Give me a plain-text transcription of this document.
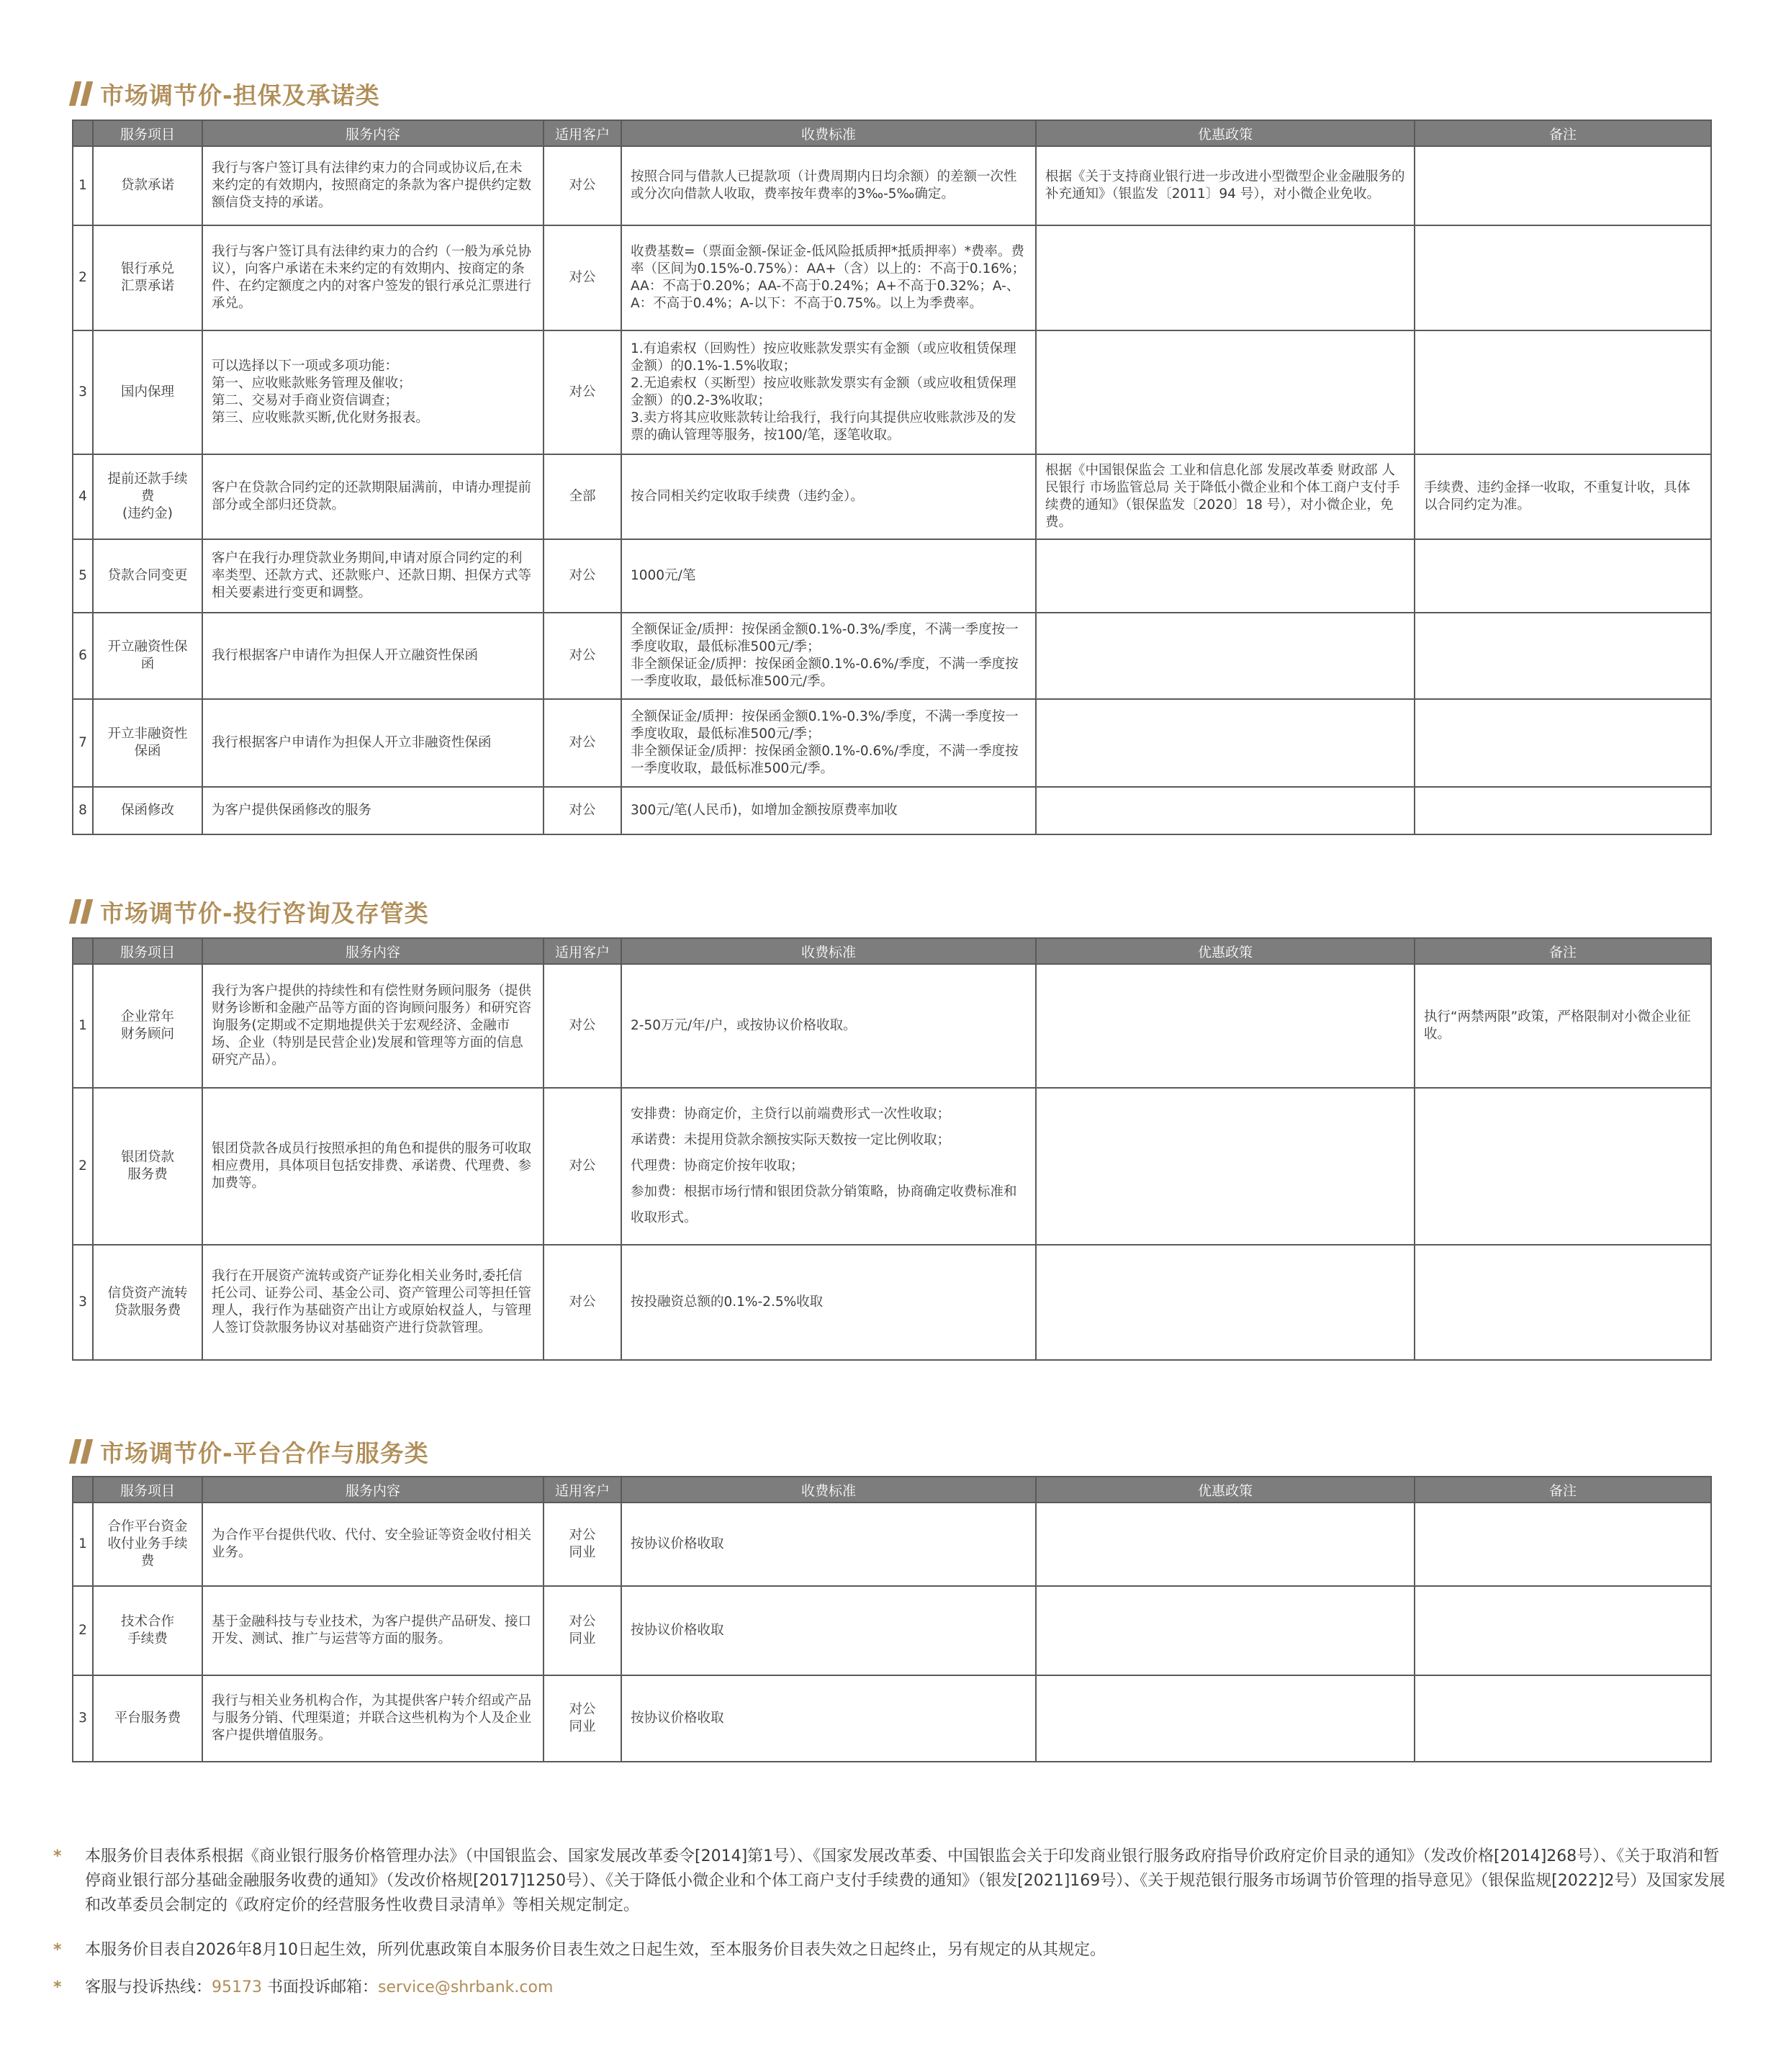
市场调节价-担保及承诺类
	服务项目	服务内容	适用客户	收费标准	优惠政策	备注
1	贷款承诺	我行与客户签订具有法律约束力的合同或协议后,在未来约定的有效期内，按照商定的条款为客户提供约定数额信贷支持的承诺。	对公	按照合同与借款人已提款项（计费周期内日均余额）的差额一次性或分次向借款人收取，费率按年费率的3‰-5‰确定。	根据《关于支持商业银行进一步改进小型微型企业金融服务的补充通知》（银监发〔2011〕94 号），对小微企业免收。	
2	银行承兑
汇票承诺	我行与客户签订具有法律约束力的合约（一般为承兑协议），向客户承诺在未来约定的有效期内、按商定的条件、在约定额度之内的对客户签发的银行承兑汇票进行承兑。	对公	收费基数=（票面金额-保证金-低风险抵质押*抵质押率）*费率。费率（区间为0.15%-0.75%）：AA+（含）以上的：不高于0.16%；AA：不高于0.20%；AA-不高于0.24%；A+不高于0.32%；A-、A：不高于0.4%；A-以下：不高于0.75%。以上为季费率。		
3	国内保理	可以选择以下一项或多项功能：
第一、应收账款账务管理及催收；
第二、交易对手商业资信调查；
第三、应收账款买断,优化财务报表。	对公	1.有追索权（回购性）按应收账款发票实有金额（或应收租赁保理金额）的0.1%-1.5%收取；
2.无追索权（买断型）按应收账款发票实有金额（或应收租赁保理金额）的0.2-3%收取；
3.卖方将其应收账款转让给我行，我行向其提供应收账款涉及的发票的确认管理等服务，按100/笔，逐笔收取。		
4	提前还款手续费
(违约金)	客户在贷款合同约定的还款期限届满前，申请办理提前部分或全部归还贷款。	全部	按合同相关约定收取手续费（违约金）。	根据《中国银保监会 工业和信息化部 发展改革委 财政部 人民银行 市场监管总局 关于降低小微企业和个体工商户支付手续费的通知》（银保监发〔2020〕18 号），对小微企业，免费。	手续费、违约金择一收取，不重复计收，具体以合同约定为准。
5	贷款合同变更	客户在我行办理贷款业务期间,申请对原合同约定的利率类型、还款方式、还款账户、还款日期、担保方式等相关要素进行变更和调整。	对公	1000元/笔		
6	开立融资性保函	我行根据客户申请作为担保人开立融资性保函	对公	全额保证金/质押：按保函金额0.1%-0.3%/季度，不满一季度按一季度收取，最低标准500元/季；
非全额保证金/质押：按保函金额0.1%-0.6%/季度，不满一季度按一季度收取，最低标准500元/季。		
7	开立非融资性
保函	我行根据客户申请作为担保人开立非融资性保函	对公	全额保证金/质押：按保函金额0.1%-0.3%/季度，不满一季度按一季度收取，最低标准500元/季；
非全额保证金/质押：按保函金额0.1%-0.6%/季度，不满一季度按一季度收取，最低标准500元/季。		
8	保函修改	为客户提供保函修改的服务	对公	300元/笔(人民币)，如增加金额按原费率加收		
市场调节价-投行咨询及存管类
	服务项目	服务内容	适用客户	收费标准	优惠政策	备注
1	企业常年
财务顾问	我行为客户提供的持续性和有偿性财务顾问服务（提供财务诊断和金融产品等方面的咨询顾问服务）和研究咨询服务(定期或不定期地提供关于宏观经济、金融市场、企业（特别是民营企业)发展和管理等方面的信息研究产品）。	对公	2-50万元/年/户，或按协议价格收取。		执行“两禁两限”政策，严格限制对小微企业征收。
2	银团贷款
服务费	银团贷款各成员行按照承担的角色和提供的服务可收取相应费用，具体项目包括安排费、承诺费、代理费、参加费等。	对公	安排费：协商定价，主贷行以前端费形式一次性收取；
承诺费：未提用贷款余额按实际天数按一定比例收取；
代理费：协商定价按年收取；
参加费：根据市场行情和银团贷款分销策略，协商确定收费标准和收取形式。		
3	信贷资产流转
贷款服务费	我行在开展资产流转或资产证券化相关业务时,委托信托公司、证券公司、基金公司、资产管理公司等担任管理人，我行作为基础资产出让方或原始权益人，与管理人签订贷款服务协议对基础资产进行贷款管理。	对公	按投融资总额的0.1%-2.5%收取		
市场调节价-平台合作与服务类
	服务项目	服务内容	适用客户	收费标准	优惠政策	备注
1	合作平台资金
收付业务手续费	为合作平台提供代收、代付、安全验证等资金收付相关业务。	对公
同业	按协议价格收取		
2	技术合作
手续费	基于金融科技与专业技术，为客户提供产品研发、接口开发、测试、推广与运营等方面的服务。	对公
同业	按协议价格收取		
3	平台服务费	我行与相关业务机构合作，为其提供客户转介绍或产品与服务分销、代理渠道；并联合这些机构为个人及企业客户提供增值服务。	对公
同业	按协议价格收取		
* 本服务价目表体系根据《商业银行服务价格管理办法》（中国银监会、国家发展改革委令[2014]第1号）、《国家发展改革委、中国银监会关于印发商业银行服务政府指导价政府定价目录的通知》（发改价格[2014]268号）、《关于取消和暂停商业银行部分基础金融服务收费的通知》（发改价格规[2017]1250号）、《关于降低小微企业和个体工商户支付手续费的通知》（银发[2021]169号）、《关于规范银行服务市场调节价管理的指导意见》（银保监规[2022]2号）及国家发展和改革委员会制定的《政府定价的经营服务性收费目录清单》等相关规定制定。
* 本服务价目表自2026年8月10日起生效，所列优惠政策自本服务价目表生效之日起生效，至本服务价目表失效之日起终止，另有规定的从其规定。
* 客服与投诉热线：95173 书面投诉邮箱：service@shrbank.com
